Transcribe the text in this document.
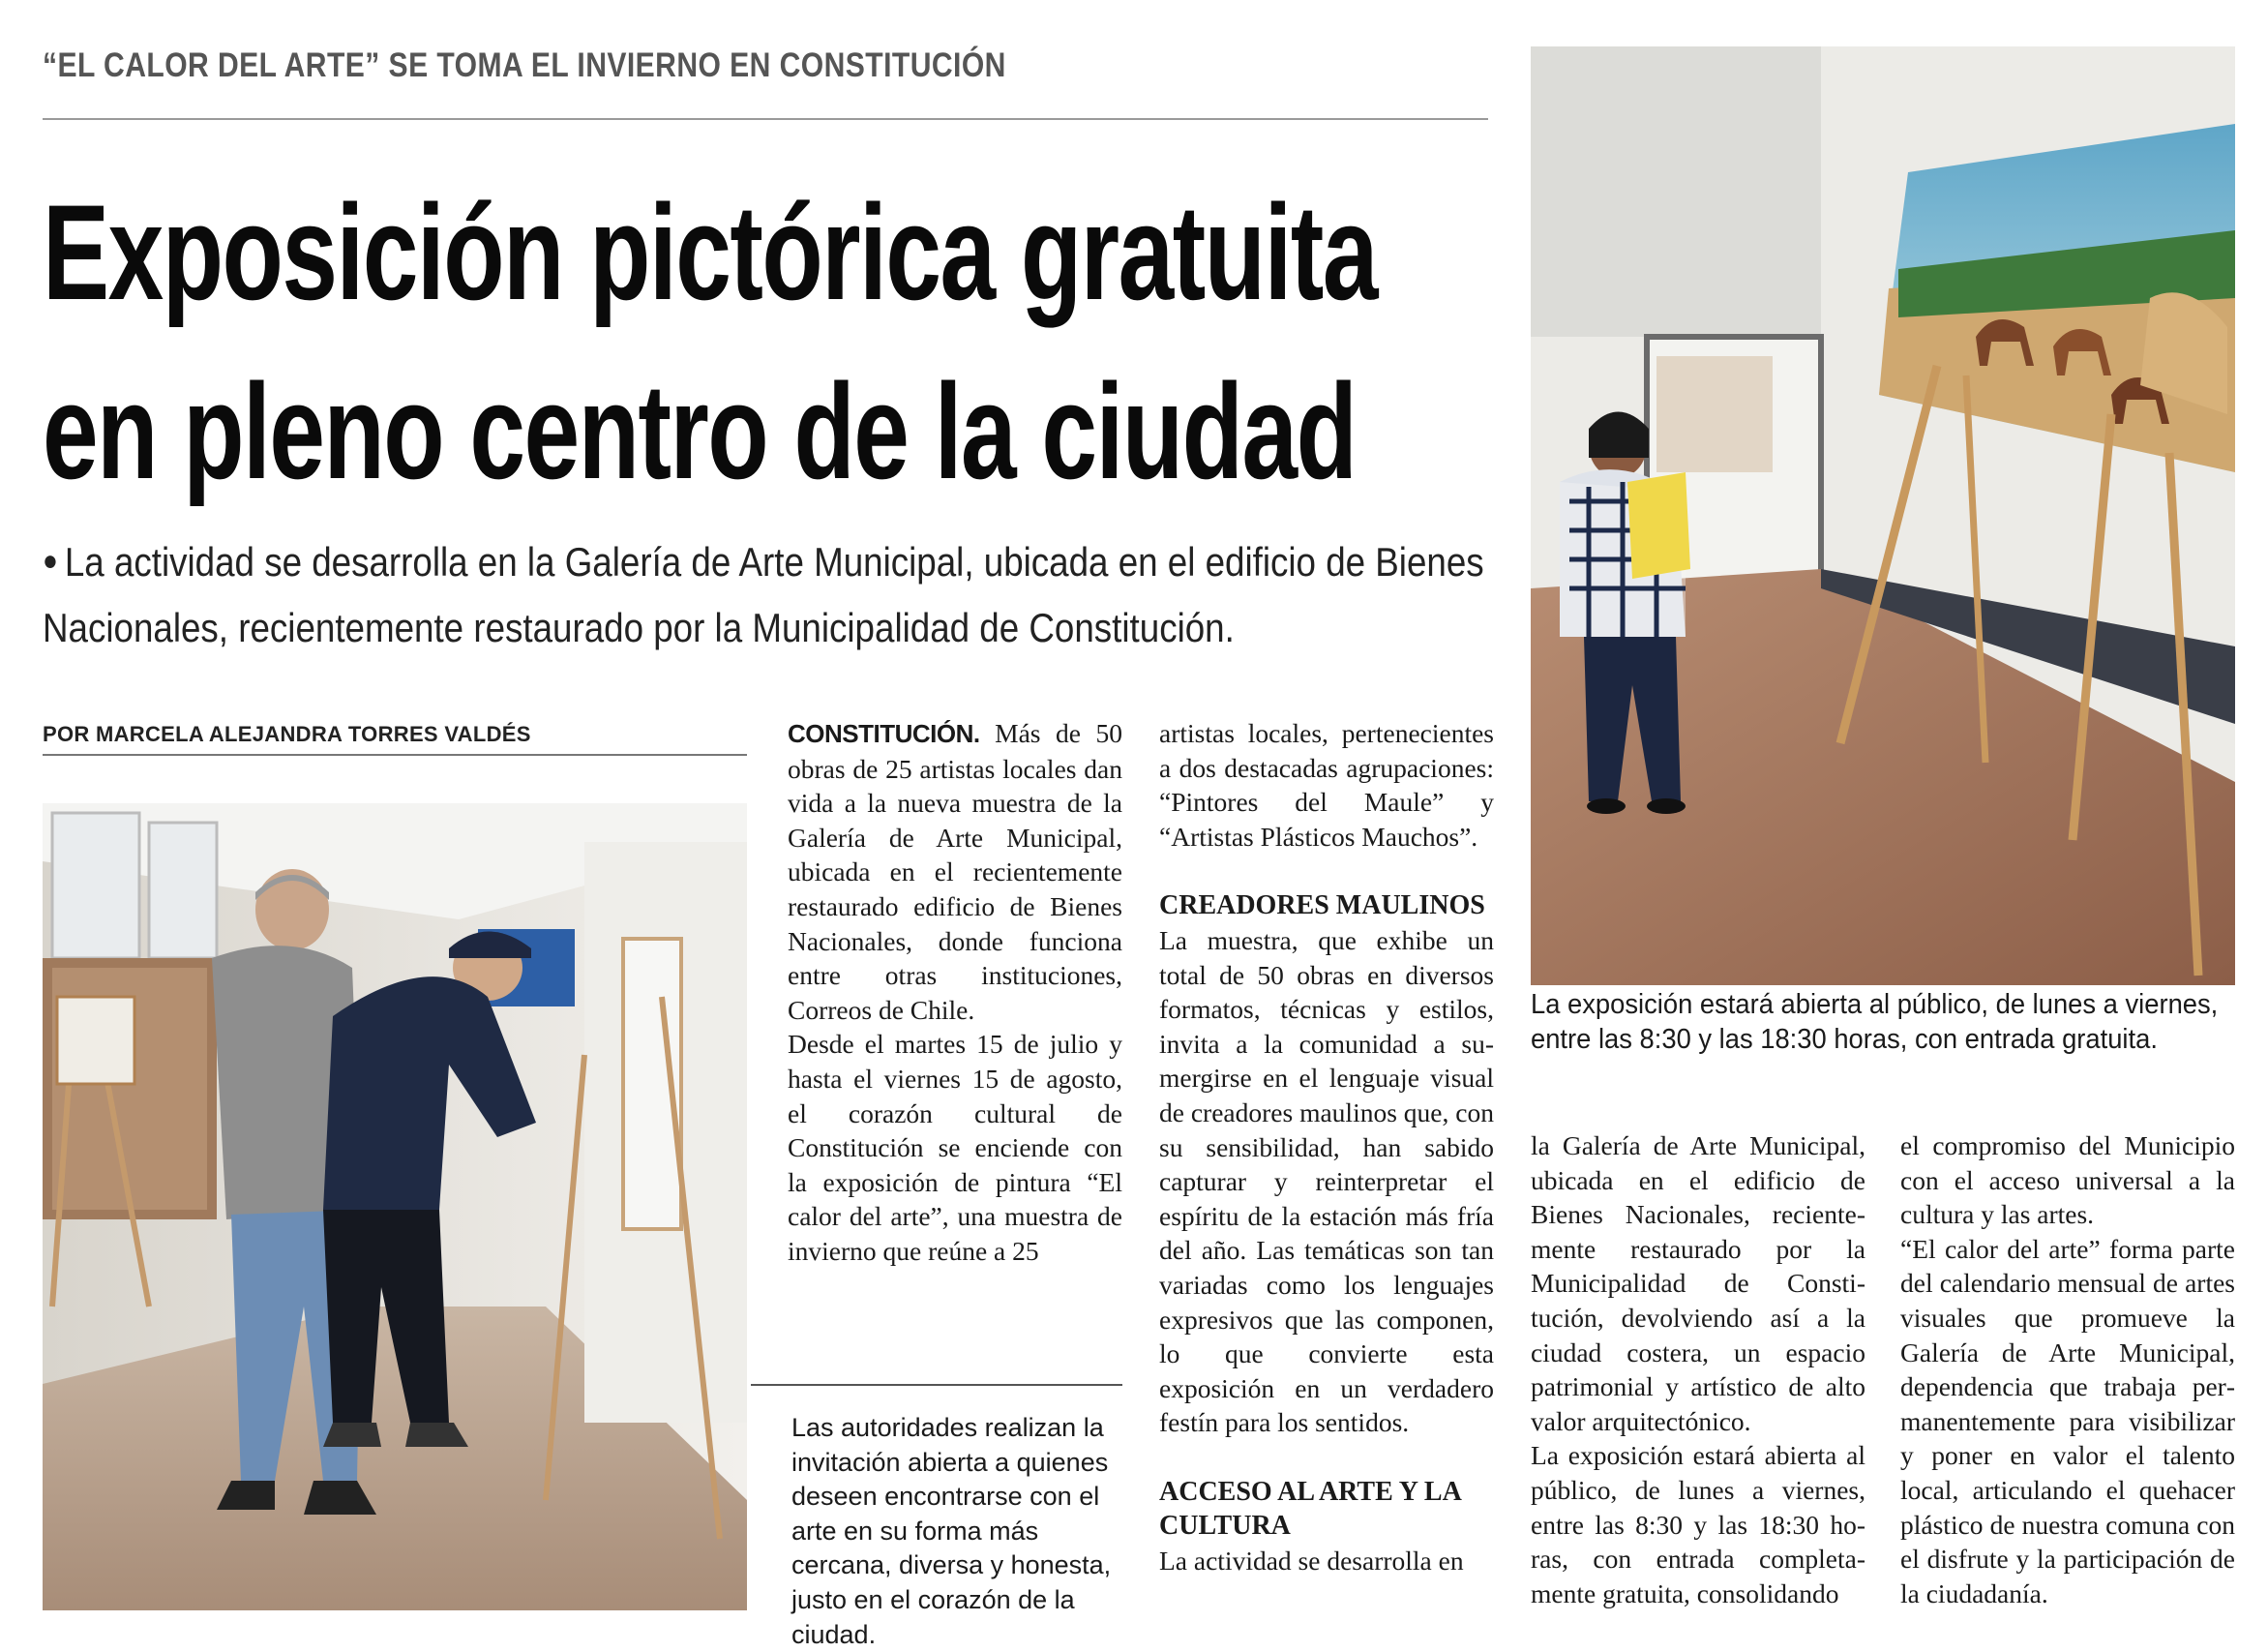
“EL CALOR DEL ARTE” SE TOMA EL INVIERNO EN CONSTITUCIÓN
Exposición pictórica gratuita
en pleno centro de la ciudad
● La actividad se desarrolla en la Galería de Arte Municipal, ubicada en el edificio de Bienes
Nacionales, recientemente restaurado por la Municipalidad de Constitución.
POR MARCELA ALEJANDRA TORRES VALDÉS
Las autoridades realizan la invitación abierta a quienes deseen encontrarse con el arte en su forma más cercana, diversa y honesta, justo en el corazón de la ciudad.

CONSTITUCIÓN. Más de 50 obras de 25 artistas locales dan vida a la nueva muestra de la Galería de Arte Municipal, ubicada en el recientemente restaurado edificio de Bienes Nacionales, donde funciona entre otras instituciones, Correos de Chile.

Desde el martes 15 de julio y hasta el viernes 15 de agosto, el corazón cultural de Constitución se enciende con la exposición de pintura “El calor del arte”, una muestra de invierno que reúne a 25

artistas locales, pertenecientes a dos destacadas agrupaciones: “Pintores del Maule” y “Artistas Plásticos Mauchos”.

CREADORES MAULINOS

La muestra, que exhibe un total de 50 obras en diversos formatos, técnicas y estilos, invita a la comunidad a sumergirse en el lenguaje visual de creadores maulinos que, con su sensibilidad, han sabido capturar y reinterpretar el espíritu de la estación más fría del año. Las temáticas son tan variadas como los lenguajes expresivos que las componen, lo que convierte esta exposición en un verdadero festín para los sentidos.

ACCESO AL ARTE Y LA CULTURA

La actividad se desarrolla en

La exposición estará abierta al público, de lunes a viernes, entre las 8:30 y las 18:30 horas, con entrada gratuita.

la Galería de Arte Municipal, ubicada en el edificio de Bienes Nacionales, recientemente restaurado por la Municipalidad de Constitución, devolviendo así a la ciudad costera, un espacio patrimonial y artístico de alto valor arquitectónico.

La exposición estará abierta al público, de lunes a viernes, entre las 8:30 y las 18:30 horas, con entrada completamente gratuita, consolidando

el compromiso del Municipio con el acceso universal a la cultura y las artes.

“El calor del arte” forma parte del calendario mensual de artes visuales que promueve la Galería de Arte Municipal, dependencia que trabaja permanentemente para visibilizar y poner en valor el talento local, articulando el quehacer plástico de nuestra comuna con el disfrute y la participación de la ciudadanía.
